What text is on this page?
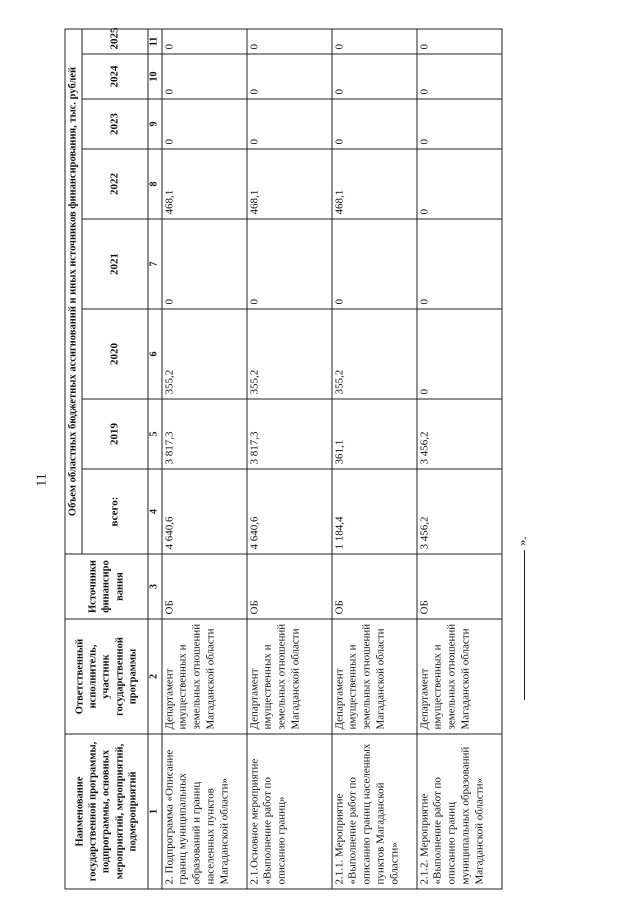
11
».
Наименование государственной программы, подпрограммы, основных мероприятий, мероприятий, подмероприятий	Ответственный исполнитель, участник государственной программы	Источники финансиро вания	Объем областных бюджетных ассигнований и иных источников финансирования, тыс. рублей							
			всего:	2019	2020	2021	2022	2023	2024	2025
1	2	3	4	5	6	7	8	9	10	11
2. Подпрограмма «Описание границ муниципальных образований и границ населенных пунктов Магаданской области»	Департамент имущественных и земельных отношений Магаданской области	ОБ	4 640,6	3 817,3	355,2	0	468,1	0	0	0
2.1.Основное мероприятие «Выполнение работ по описанию границ»	Департамент имущественных и земельных отношений Магаданской области	ОБ	4 640,6	3 817,3	355,2	0	468,1	0	0	0
2.1.1. Мероприятие «Выполнение работ по описанию границ населенных пунктов Магаданской области»	Департамент имущественных и земельных отношений Магаданской области	ОБ	1 184,4	361,1	355,2	0	468,1	0	0	0
2.1.2. Мероприятие «Выполнение работ по описанию границ муниципальных образований Магаданской области»	Департамент имущественных и земельных отношений Магаданской области	ОБ	3 456,2	3 456,2	0	0	0	0	0	0
